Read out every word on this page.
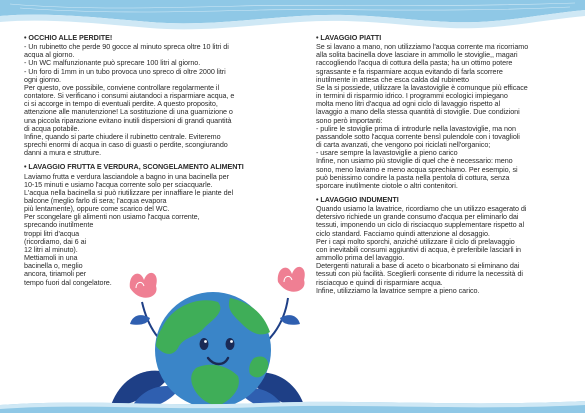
• OCCHIO ALLE PERDITE!
- Un rubinetto che perde 90 gocce al minuto spreca oltre 10 litri di
acqua al giorno.
- Un WC malfunzionante può sprecare 100 litri al giorno.
- Un foro di 1mm in un tubo provoca uno spreco di oltre 2000 litri
ogni giorno.
Per questo, ove possibile, conviene controllare regolarmente il
contatore. Si verificano i consumi aiutandoci a risparmiare acqua, e
ci si accorge in tempo di eventuali perdite. A questo proposito,
attenzione alle manutenzione! La sostituzione di una guarnizione o
una piccola riparazione evitano inutili dispersioni di grandi quantità
di acqua potabile.
Infine, quando si parte chiudere il rubinetto centrale. Eviteremo
sprechi enormi di acqua in caso di guasti o perdite, scongiurando
danni a mura e strutture.
• LAVAGGIO FRUTTA E VERDURA, SCONGELAMENTO ALIMENTI
Laviamo frutta e verdura lasciandole a bagno in una bacinella per
10-15 minuti e usiamo l'acqua corrente solo per sciacquarle.
L'acqua nella bacinella si può riutilizzare per innaffiare le piante del
balcone (meglio farlo di sera; l'acqua evapora
più lentamente), oppure come scarico del WC.
Per scongelare gli alimenti non usiamo l'acqua corrente,
sprecando inutilmente
troppi litri d'acqua
(ricordiamo, dai 6 ai
12 litri al minuto).
Mettiamoli in una
bacinella o, meglio
ancora, tiriamoli per
tempo fuori dal congelatore.
• LAVAGGIO PIATTI
Se si lavano a mano, non utilizziamo l'acqua corrente ma ricorriamo
alla solita bacinella dove lasciare in ammollo le stoviglie,, magari
raccogliendo l'acqua di cottura della pasta; ha un ottimo potere
sgrassante e fa risparmiare acqua evitando di farla scorrere
inutilmente in attesa che esca calda dal rubinetto
Se la si possiede, utilizzare la lavastoviglie è comunque più efficace
in termini di risparmio idrico. I programmi ecologici impiegano
molta meno litri d'acqua ad ogni ciclo di lavaggio rispetto al
lavaggio a mano della stessa quantità di stoviglie. Due condizioni
sono però importanti:
- pulire le stoviglie prima di introdurle nella lavastoviglie, ma non
passandole sotto l'acqua corrente bensì pulendole con i tovaglioli
di carta avanzati, che vengono poi riciclati nell'organico;
- usare sempre la lavastoviglie a pieno carico
Infine, non usiamo più stoviglie di quel che è necessario: meno
sono, meno laviamo e meno acqua sprechiamo. Per esempio, si
può benissimo condire la pasta nella pentola di cottura, senza
sporcare inutilmente ciotole o altri contenitori.
• LAVAGGIO INDUMENTI
Quando usiamo la lavatrice, ricordiamo che un utilizzo esagerato di
detersivo richiede un grande consumo d'acqua per eliminarlo dai
tessuti, imponendo un ciclo di risciacquo supplementare rispetto al
ciclo standard. Facciamo quindi attenzione al dosaggio.
Per i capi molto sporchi, anziché utilizzare il ciclo di prelavaggio
con inevitabili consumi aggiuntivi di acqua, è preferibile lasciarli in
ammollo prima del lavaggio.
Detergenti naturali a base di aceto o bicarbonato si eliminano dai
tessuti con più facilità. Sceglierli consente di ridurre la necessità di
risciacquo e quindi di risparmiare acqua.
Infine, utilizziamo la lavatrice sempre a pieno carico.
